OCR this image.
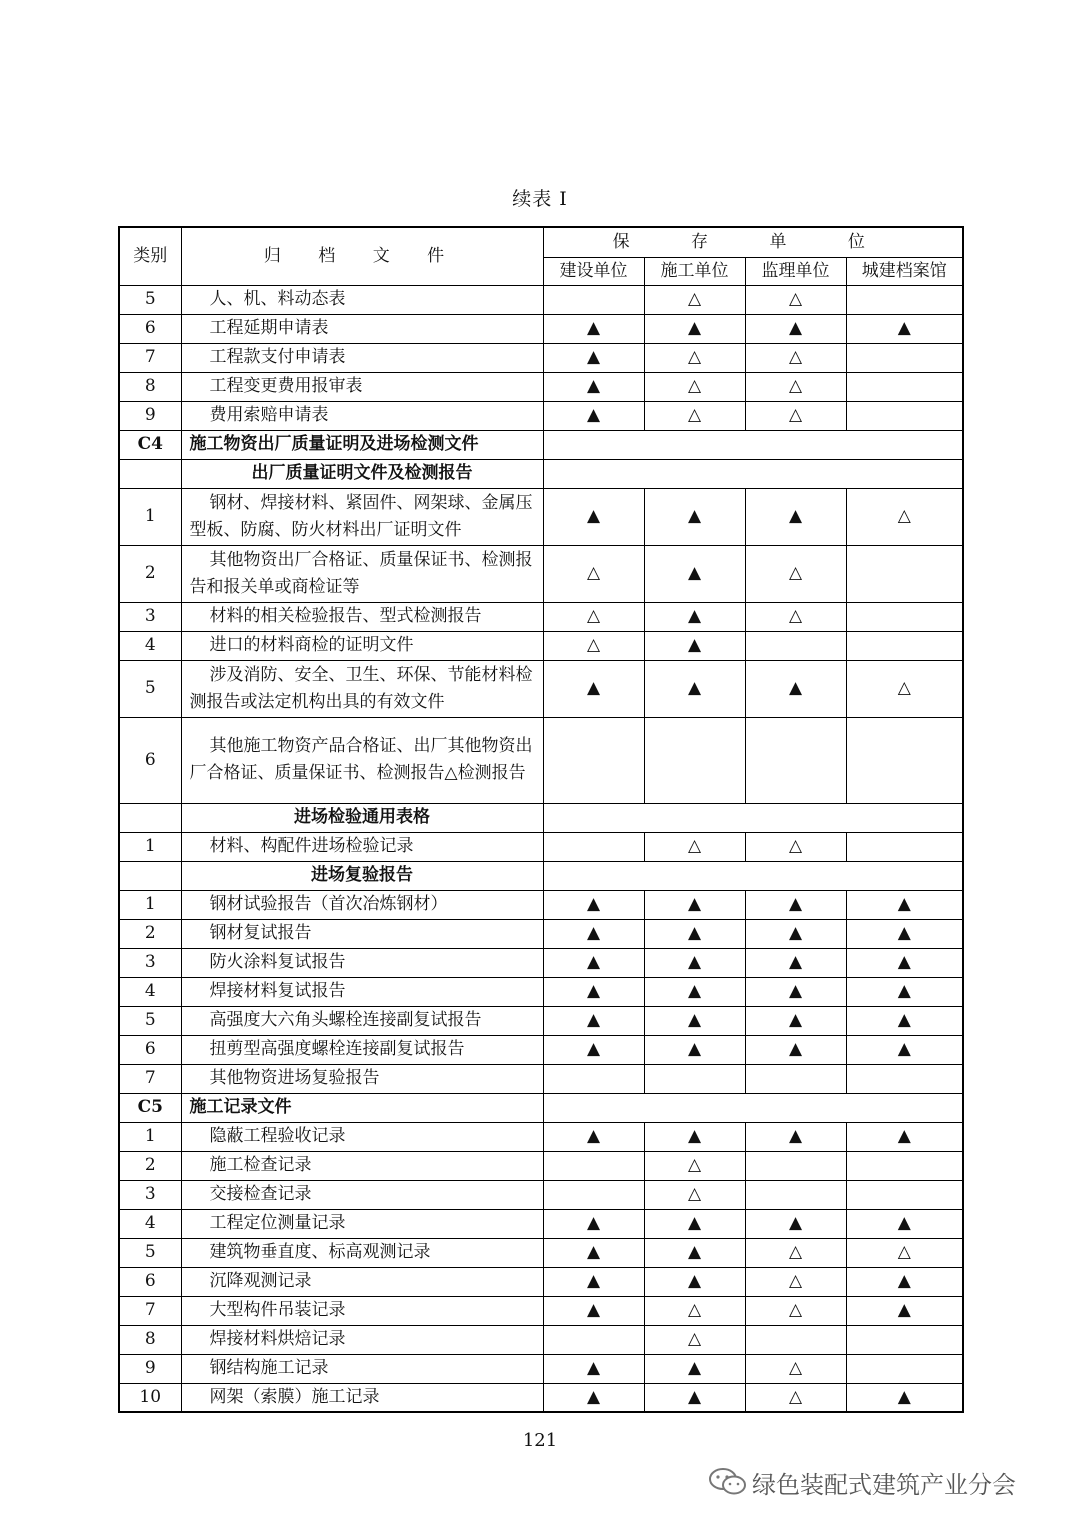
续表 I
类别	归 档 文 件	保 存 单 位			
		建设单位	施工单位	监理单位	城建档案馆
5	人、机、料动态表		△	△	
6	工程延期申请表	▲	▲	▲	▲
7	工程款支付申请表	▲	△	△	
8	工程变更费用报审表	▲	△	△	
9	费用索赔申请表	▲	△	△	
C4	施工物资出厂质量证明及进场检测文件				
	出厂质量证明文件及检测报告				
1	钢材、焊接材料、紧固件、网架球、金属压型板、防腐、防火材料出厂证明文件	▲	▲	▲	△
2	其他物资出厂合格证、质量保证书、检测报告和报关单或商检证等	△	▲	△	
3	材料的相关检验报告、型式检测报告	△	▲	△	
4	进口的材料商检的证明文件	△	▲		
5	涉及消防、安全、卫生、环保、节能材料检测报告或法定机构出具的有效文件	▲	▲	▲	△
6	其他施工物资产品合格证、出厂其他物资出厂合格证、质量保证书、检测报告△检测报告				
	进场检验通用表格				
1	材料、构配件进场检验记录		△	△	
	进场复验报告				
1	钢材试验报告（首次冶炼钢材）	▲	▲	▲	▲
2	钢材复试报告	▲	▲	▲	▲
3	防火涂料复试报告	▲	▲	▲	▲
4	焊接材料复试报告	▲	▲	▲	▲
5	高强度大六角头螺栓连接副复试报告	▲	▲	▲	▲
6	扭剪型高强度螺栓连接副复试报告	▲	▲	▲	▲
7	其他物资进场复验报告				
C5	施工记录文件				
1	隐蔽工程验收记录	▲	▲	▲	▲
2	施工检查记录		△		
3	交接检查记录		△		
4	工程定位测量记录	▲	▲	▲	▲
5	建筑物垂直度、标高观测记录	▲	▲	△	△
6	沉降观测记录	▲	▲	△	▲
7	大型构件吊装记录	▲	△	△	▲
8	焊接材料烘焙记录		△		
9	钢结构施工记录	▲	▲	△	
10	网架（索膜）施工记录	▲	▲	△	▲
121
绿色装配式建筑产业分会
